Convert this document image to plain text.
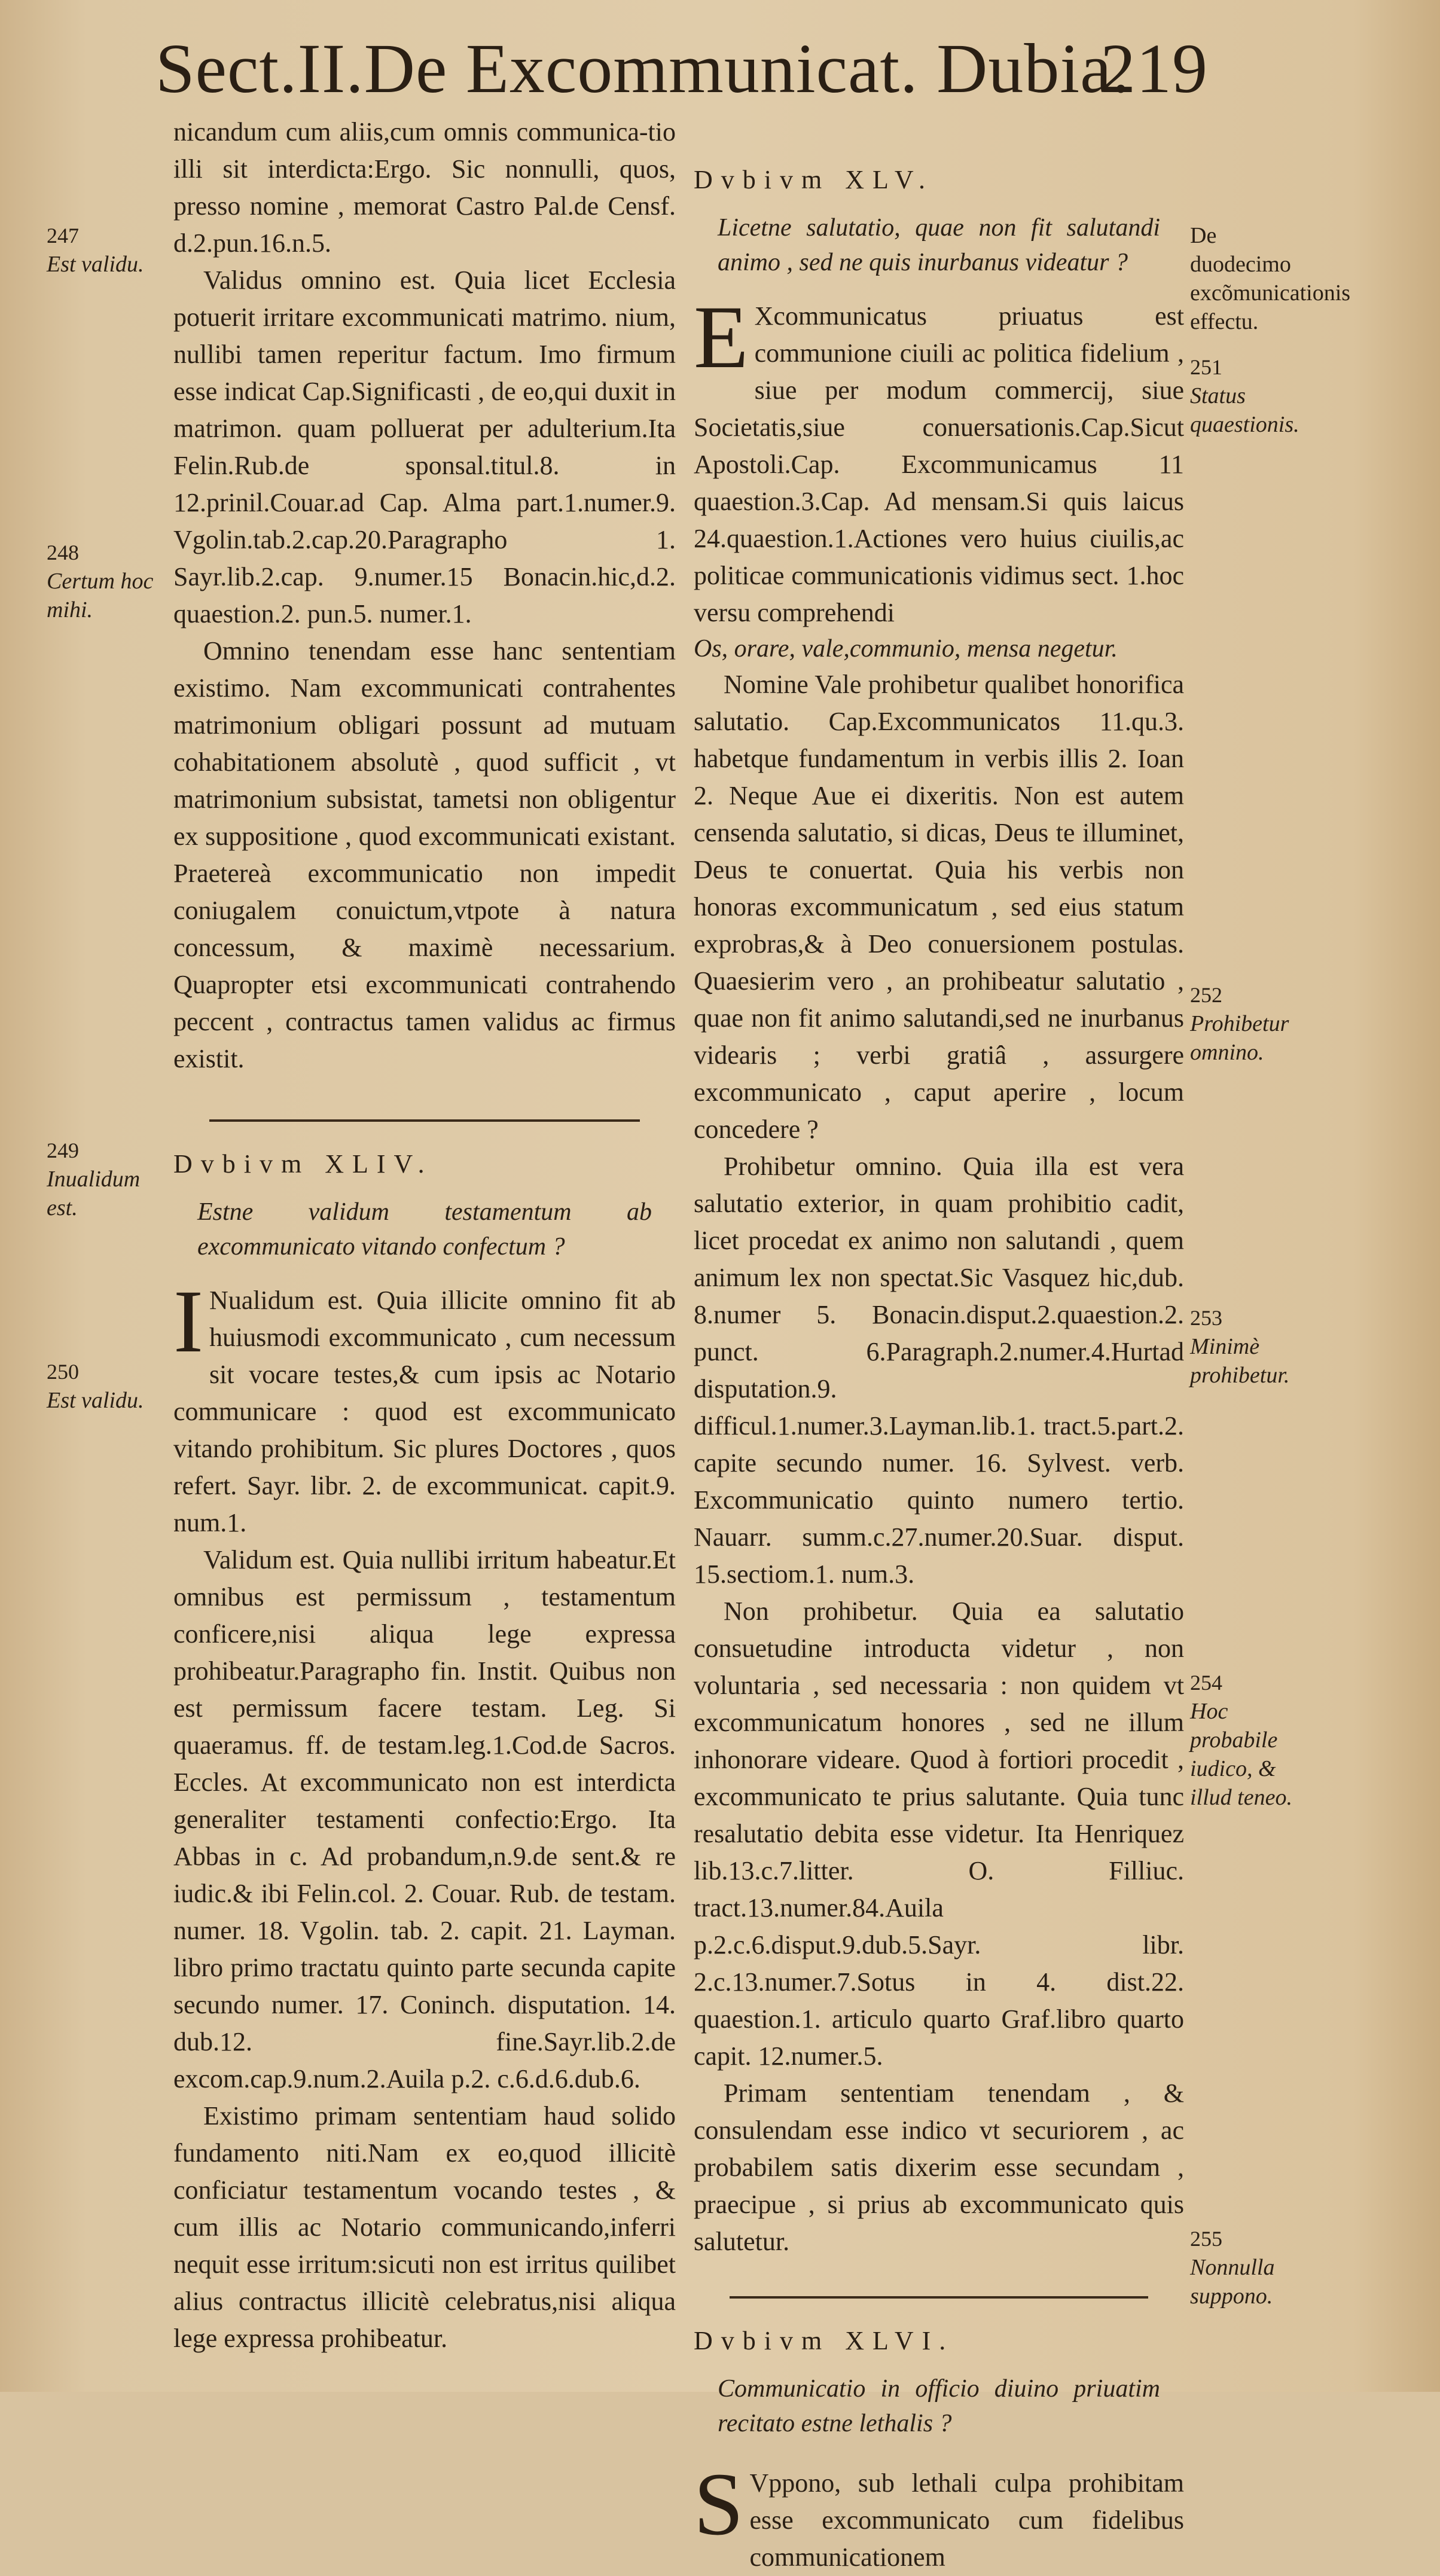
Sect.II.De Excommunicat. Dubia.
219

nicandum cum aliis,cum omnis communica-tio illi sit interdicta:Ergo. Sic nonnulli, quos, presso nomine , memorat Castro Pal.de Censf. d.2.pun.16.n.5.

Validus omnino est. Quia licet Ecclesia potuerit irritare excommunicati matrimo. nium, nullibi tamen reperitur factum. Imo firmum esse indicat Cap.Significasti , de eo,qui duxit in matrimon. quam polluerat per adulterium.Ita Felin.Rub.de sponsal.titul.8. in 12.prinil.Couar.ad Cap. Alma part.1.numer.9. Vgolin.tab.2.cap.20.Paragrapho 1. Sayr.lib.2.cap. 9.numer.15 Bonacin.hic,d.2. quaestion.2. pun.5. numer.1.

Omnino tenendam esse hanc sententiam existimo. Nam excommunicati contrahentes matrimonium obligari possunt ad mutuam cohabitationem absolutè , quod sufficit , vt matrimonium subsistat, tametsi non obligentur ex suppositione , quod excommunicati existant. Praetereà excommunicatio non impedit coniugalem conuictum,vtpote à natura concessum, & maximè necessarium. Quapropter etsi excommunicati contrahendo peccent , contractus tamen validus ac firmus existit.

Dvbivm XLIV.

Estne validum testamentum ab excommunicato vitando confectum ?

I Nualidum est. Quia illicite omnino fit ab huiusmodi excommunicato , cum necessum sit vocare testes,& cum ipsis ac Notario communicare : quod est excommunicato vitando prohibitum. Sic plures Doctores , quos refert. Sayr. libr. 2. de excommunicat. capit.9. num.1.

Validum est. Quia nullibi irritum habeatur.Et omnibus est permissum , testamentum conficere,nisi aliqua lege expressa prohibeatur.Paragrapho fin. Instit. Quibus non est permissum facere testam. Leg. Si quaeramus. ff. de testam.leg.1.Cod.de Sacros. Eccles. At excommunicato non est interdicta generaliter testamenti confectio:Ergo. Ita Abbas in c. Ad probandum,n.9.de sent.& re iudic.& ibi Felin.col. 2. Couar. Rub. de testam. numer. 18. Vgolin. tab. 2. capit. 21. Layman. libro primo tractatu quinto parte secunda capite secundo numer. 17. Coninch. disputation. 14. dub.12. fine.Sayr.lib.2.de excom.cap.9.num.2.Auila p.2. c.6.d.6.dub.6.

Existimo primam sententiam haud solido fundamento niti.Nam ex eo,quod illicitè conficiatur testamentum vocando testes , & cum illis ac Notario communicando,inferri nequit esse irritum:sicuti non est irritus quilibet alius contractus illicitè celebratus,nisi aliqua lege expressa prohibeatur.

Dvbivm XLV.

Licetne salutatio, quae non fit salutandi animo , sed ne quis inurbanus videatur ?

E Xcommunicatus priuatus est communione ciuili ac politica fidelium , siue per modum commercij, siue Societatis,siue conuersationis.Cap.Sicut Apostoli.Cap. Excommunicamus 11 quaestion.3.Cap. Ad mensam.Si quis laicus 24.quaestion.1.Actiones vero huius ciuilis,ac politicae communicationis vidimus sect. 1.hoc versu comprehendi

Os, orare, vale,communio, mensa negetur.

Nomine Vale prohibetur qualibet honorifica salutatio. Cap.Excommunicatos 11.qu.3. habetque fundamentum in verbis illis 2. Ioan 2. Neque Aue ei dixeritis. Non est autem censenda salutatio, si dicas, Deus te illuminet, Deus te conuertat. Quia his verbis non honoras excommunicatum , sed eius statum exprobras,& à Deo conuersionem postulas. Quaesierim vero , an prohibeatur salutatio , quae non fit animo salutandi,sed ne inurbanus videaris ; verbi gratiâ , assurgere excommunicato , caput aperire , locum concedere ?

Prohibetur omnino. Quia illa est vera salutatio exterior, in quam prohibitio cadit, licet procedat ex animo non salutandi , quem animum lex non spectat.Sic Vasquez hic,dub. 8.numer 5. Bonacin.disput.2.quaestion.2. punct. 6.Paragraph.2.numer.4.Hurtad disputation.9. difficul.1.numer.3.Layman.lib.1. tract.5.part.2. capite secundo numer. 16. Sylvest. verb. Excommunicatio quinto numero tertio. Nauarr. summ.c.27.numer.20.Suar. disput. 15.sectiom.1. num.3.

Non prohibetur. Quia ea salutatio consuetudine introducta videtur , non voluntaria , sed necessaria : non quidem vt excommunicatum honores , sed ne illum inhonorare videare. Quod à fortiori procedit , excommunicato te prius salutante. Quia tunc resalutatio debita esse videtur. Ita Henriquez lib.13.c.7.litter. O. Filliuc. tract.13.numer.84.Auila p.2.c.6.disput.9.dub.5.Sayr. libr. 2.c.13.numer.7.Sotus in 4. dist.22. quaestion.1. articulo quarto Graf.libro quarto capit. 12.numer.5.

Primam sententiam tenendam , & consulendam esse indico vt securiorem , ac probabilem satis dixerim esse secundam , praecipue , si prius ab excommunicato quis salutetur.

Dvbivm XLVI.

Communicatio in officio diuino priuatim recitato estne lethalis ?

S Vppono, sub lethali culpa prohibitam esse excommunicato cum fidelibus communicationem

247
Est validu.
248
Certum hoc mihi.
249
Inualidum est.
250
Est validu.
De duodecimo excõmunicationis effectu.
251
Status quaestionis.
252
Prohibetur omnino.
253
Minimè prohibetur.
254
Hoc probabile iudico, & illud teneo.
255
Nonnulla suppono.
